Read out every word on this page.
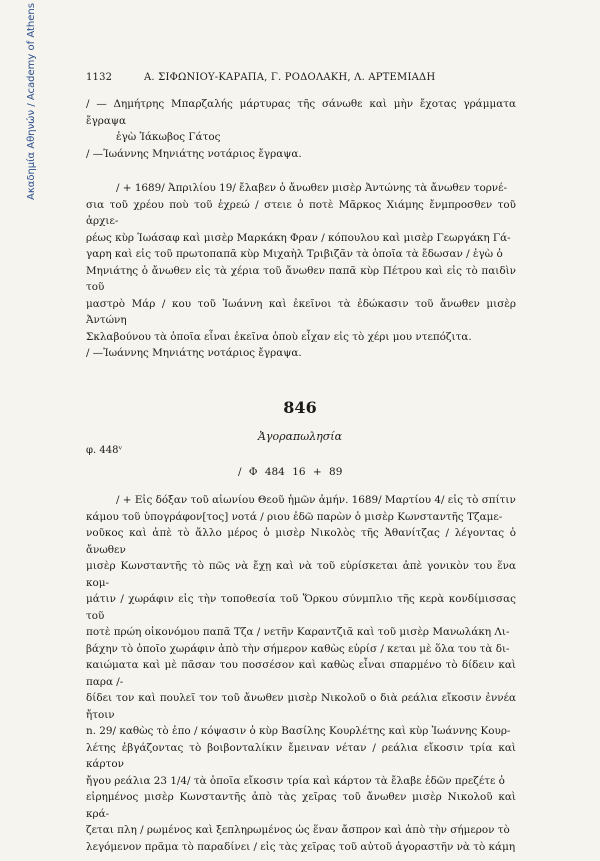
Ακαδημία Αθηνών / Academy of Athens	1132	Α. ΣΙΦΩΝΙΟΥ-ΚΑΡΑΠΑ, Γ. ΡΟΔΟΛΑΚΗ, Λ. ΑΡΤΕΜΙΑΔΗ

/ — Δημήτρης Μπαρζαλής μάρτυρας τῆς σάνωθε καὶ μὴν ἔχοτας γράμματα ἔγραψα

ἐγὼ Ἰάκωβος Γάτος

/ —Ἰωάννης Μηνιάτης νοτάριος ἔγραψα.

/ + 1689/ Ἀπριλίου 19/ ἔλαβεν ὁ ἄνωθεν μισὲρ Ἀντώνης τὰ ἄνωθεν τορνέ-

σια τοῦ χρέου ποὺ τοῦ ἐχρεώ / στειε ὁ ποτὲ Μᾶρκος Χιάμης ἔνμπροσθεν τοῦ ἀρχιε-

ρέως κὺρ Ἰωάσαφ καὶ μισὲρ Μαρκάκη Φραν / κόπουλου καὶ μισὲρ Γεωργάκη Γά-

γαρη καὶ εἰς τοῦ πρωτοπαπᾶ κὺρ Μιχαὴλ Τριβιζᾶν τὰ ὁποῖα τὰ ἔδωσαν / ἐγὼ ὁ

Μηνιάτης ὁ ἄνωθεν εἰς τὰ χέρια τοῦ ἄνωθεν παπᾶ κὺρ Πέτρου καὶ εἰς τὸ παιδὶν τοῦ

μαστρὸ Μάρ / κου τοῦ Ἰωάννη καὶ ἐκεῖνοι τὰ ἐδώκασιν τοῦ ἄνωθεν μισὲρ Ἀντώνη

Σκλαβούνου τὰ ὁποῖα εἶναι ἐκεῖνα ὁποὺ εἶχαν εἰς τὸ χέρι μου ντεπόζιτα.

/ —Ἰωάννης Μηνιάτης νοτάριος ἔγραψα.

846
Ἀγοραπωλησία
φ. 448ᵛ
/ Φ 484 16 + 89

/ + Εἰς δόξαν τοῦ αἰωνίου Θεοῦ ἡμῶν ἀμήν. 1689/ Μαρτίου 4/ εἰς τὸ σπίτιν

κάμου τοῦ ὑπογράφον[τος] νοτά / ριου ἐδῶ παρὼν ὁ μισὲρ Κωνσταντῆς Τζαμε-

νοῦκος καὶ ἀπὲ τὸ ἄλλο μέρος ὁ μισὲρ Νικολὸς τῆς Ἀθανίτζας / λέγοντας ὁ ἄνωθεν

μισὲρ Κωνσταντῆς τὸ πῶς νὰ ἔχῃ καὶ νὰ τοῦ εὑρίσκεται ἀπὲ γονικὸν του ἕνα κομ-

μάτιν / χωράφιν εἰς τὴν τοποθεσία τοῦ Ὅρκου σύνμπλιο τῆς κερὰ κονδίμισσας τοῦ

ποτὲ πρώη οἰκονόμου παπᾶ Τζα / νετῆν Καραντζιᾶ καὶ τοῦ μισὲρ Μανωλάκη Λι-

βάχην τὸ ὁποῖο χωράφιν ἀπὸ τὴν σήμερον καθὼς εὑρίσ / κεται μὲ ὅλα του τὰ δι-

καιώματα καὶ μὲ πᾶσαν του ποσσέσον καὶ καθὼς εἶναι σπαρμένο τὸ δίδειν καὶ παρα /-

δίδει τον καὶ πουλεῖ τον τοῦ ἄνωθεν μισὲρ Νικολοῦ ο διὰ ρεάλια εἴκοσιν ἐννέα ἤτοιν

n. 29/ καθὼς τὸ ἐπο / κόψασιν ὁ κὺρ Βασίλης Κουρλέτης καὶ κὺρ Ἰωάννης Κουρ-

λέτης ἐβγάζοντας τὸ βοιβονταλίκιν ἔμειναν νέταν / ρεάλια εἴκοσιν τρία καὶ κάρτον

ἤγου ρεάλια 23 1/4/ τὰ ὁποῖα εἴκοσιν τρία καὶ κάρτον τὰ ἔλαβε ἐδῶν πρεζέτε ὁ

εἰρημένος μισὲρ Κωνσταντῆς ἀπὸ τὰς χεῖρας τοῦ ἄνωθεν μισὲρ Νικολοῦ καὶ κρά-

ζεται πλη / ρωμένος καὶ ξεπληρωμένος ὡς ἕναν ἄσπρον καὶ ἀπὸ τὴν σήμερον τὸ

λεγόμενον πρᾶμα τὸ παραδίνει / εἰς τὰς χεῖρας τοῦ αὐτοῦ ἀγοραστῆν νὰ τὸ κάμη
